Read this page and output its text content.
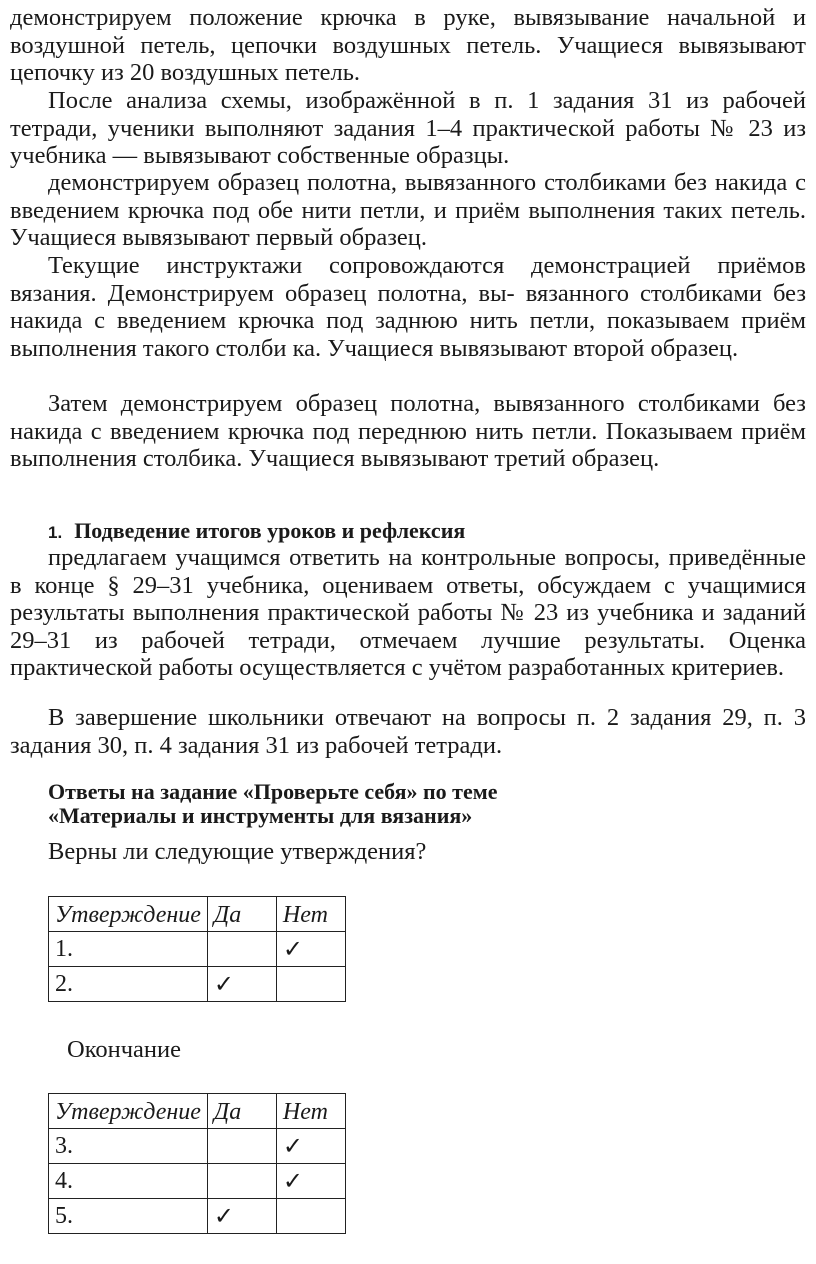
демонстрируем положение крючка в руке, вывязывание начальной и воздушной петель, цепочки воздушных петель. Учащиеся вывязывают цепочку из 20 воздушных петель.

После анализа схемы, изображённой в п. 1 задания 31 из рабочей тетради, ученики выполняют задания 1–4 практической работы № 23 из учебника — вывязывают собственные образцы.

демонстрируем образец полотна, вывязанного столбиками без накида с введением крючка под обе нити петли, и приём выполнения таких петель. Учащиеся вывязывают первый образец.

Текущие инструктажи сопровождаются демонстрацией приёмов вязания. Демонстрируем образец полотна, вы- вязанного столбиками без накида с введением крючка под заднюю нить петли, показываем приём выполнения такого столби ка. Учащиеся вывязывают второй образец.

Затем демонстрируем образец полотна, вывязанного столбиками без накида с введением крючка под переднюю нить петли. Показываем приём выполнения столбика. Учащиеся вывязывают третий образец.

1. Подведение итогов уроков и рефлексия

предлагаем учащимся ответить на контрольные вопросы, приведённые в конце § 29–31 учебника, оцениваем ответы, обсуждаем с учащимися результаты выполнения практической работы № 23 из учебника и заданий 29–31 из рабочей тетради, отмечаем лучшие результаты. Оценка практической работы осуществляется с учётом разработанных критериев.

В завершение школьники отвечают на вопросы п. 2 задания 29, п. 3 задания 30, п. 4 задания 31 из рабочей тетради.

Ответы на задание «Проверьте себя» по теме
«Материалы и инструменты для вязания»

Верны ли следующие утверждения?

Утверждение	Да	Нет
1.		✓
2.	✓	

Окончание

Утверждение	Да	Нет
3.		✓
4.		✓
5.	✓	
